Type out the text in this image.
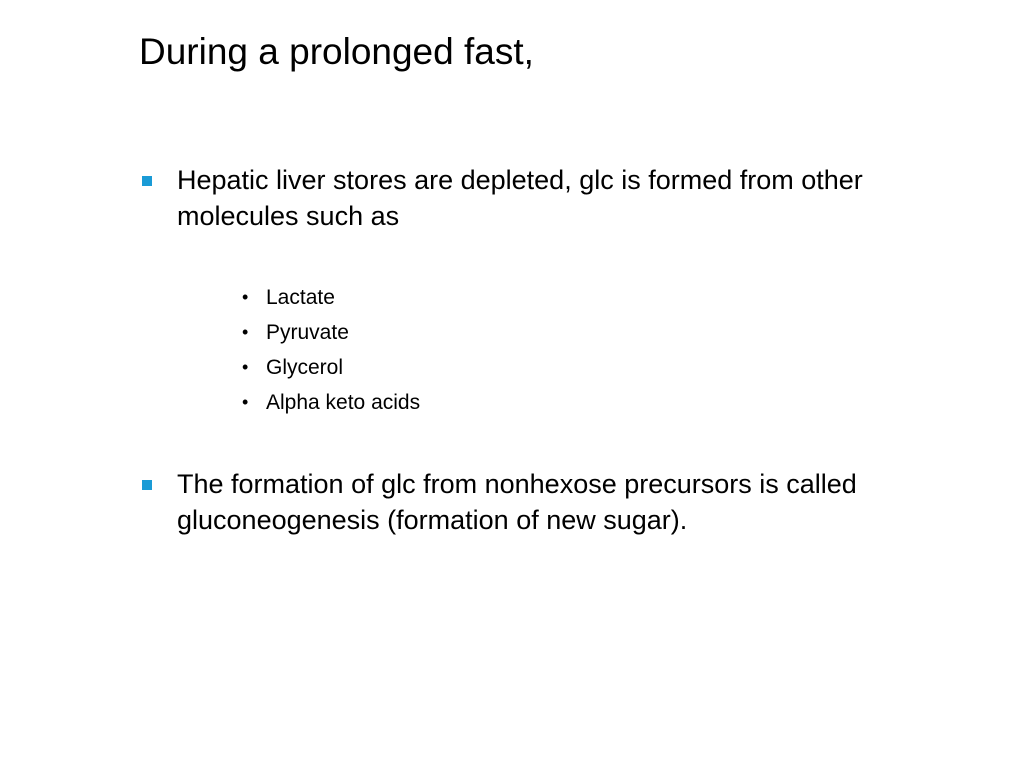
During a prolonged fast,
Hepatic liver stores are depleted, glc is formed from other molecules such as
• Lactate
• Pyruvate
• Glycerol
• Alpha keto acids
The formation of glc from nonhexose precursors is called gluconeogenesis (formation of new sugar).
